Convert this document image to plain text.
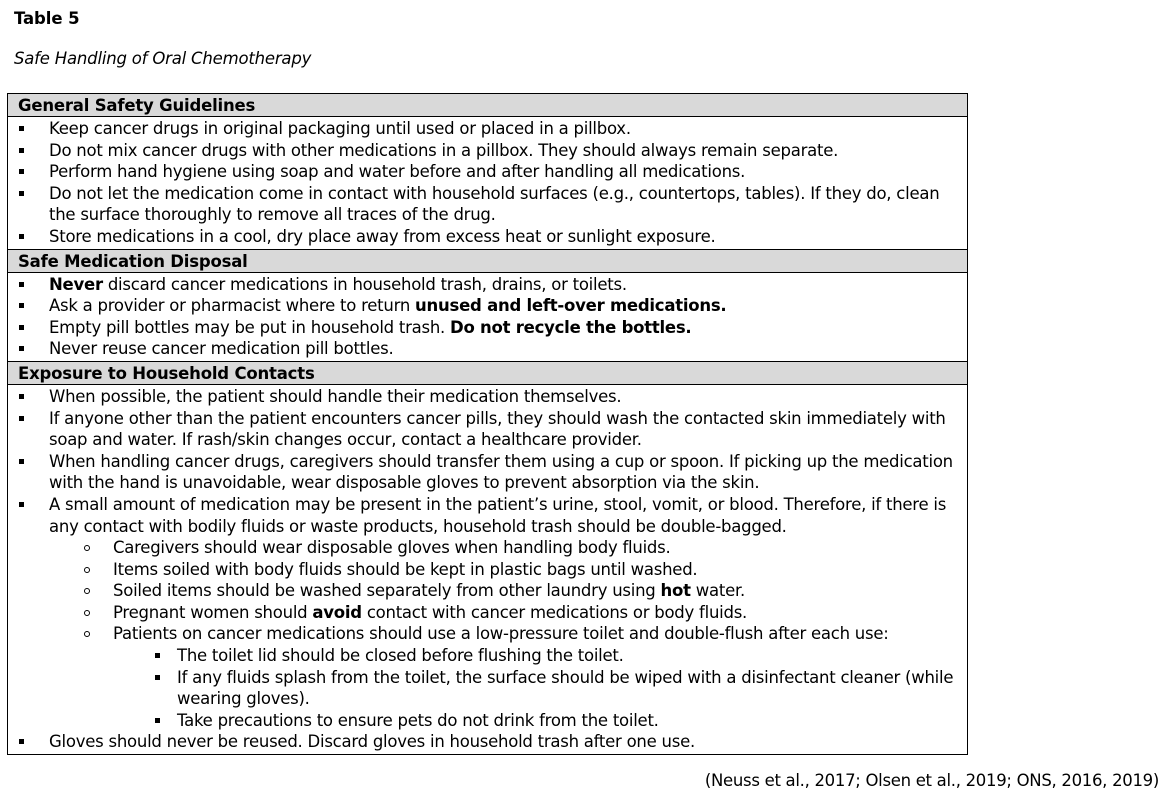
Table 5
Safe Handling of Oral Chemotherapy
General Safety Guidelines
Keep cancer drugs in original packaging until used or placed in a pillbox.
Do not mix cancer drugs with other medications in a pillbox. They should always remain separate.
Perform hand hygiene using soap and water before and after handling all medications.
Do not let the medication come in contact with household surfaces (e.g., countertops, tables). If they do, clean the surface thoroughly to remove all traces of the drug.
Store medications in a cool, dry place away from excess heat or sunlight exposure.
Safe Medication Disposal
Never discard cancer medications in household trash, drains, or toilets.
Ask a provider or pharmacist where to return unused and left-over medications.
Empty pill bottles may be put in household trash. Do not recycle the bottles.
Never reuse cancer medication pill bottles.
Exposure to Household Contacts
When possible, the patient should handle their medication themselves.
If anyone other than the patient encounters cancer pills, they should wash the contacted skin immediately with soap and water. If rash/skin changes occur, contact a healthcare provider.
When handling cancer drugs, caregivers should transfer them using a cup or spoon. If picking up the medication with the hand is unavoidable, wear disposable gloves to prevent absorption via the skin.
A small amount of medication may be present in the patient’s urine, stool, vomit, or blood. Therefore, if there is any contact with bodily fluids or waste products, household trash should be double-bagged.
Caregivers should wear disposable gloves when handling body fluids.
Items soiled with body fluids should be kept in plastic bags until washed.
Soiled items should be washed separately from other laundry using hot water.
Pregnant women should avoid contact with cancer medications or body fluids.
Patients on cancer medications should use a low-pressure toilet and double-flush after each use:
The toilet lid should be closed before flushing the toilet.
If any fluids splash from the toilet, the surface should be wiped with a disinfectant cleaner (while wearing gloves).
Take precautions to ensure pets do not drink from the toilet.
Gloves should never be reused. Discard gloves in household trash after one use.
(Neuss et al., 2017; Olsen et al., 2019; ONS, 2016, 2019)
